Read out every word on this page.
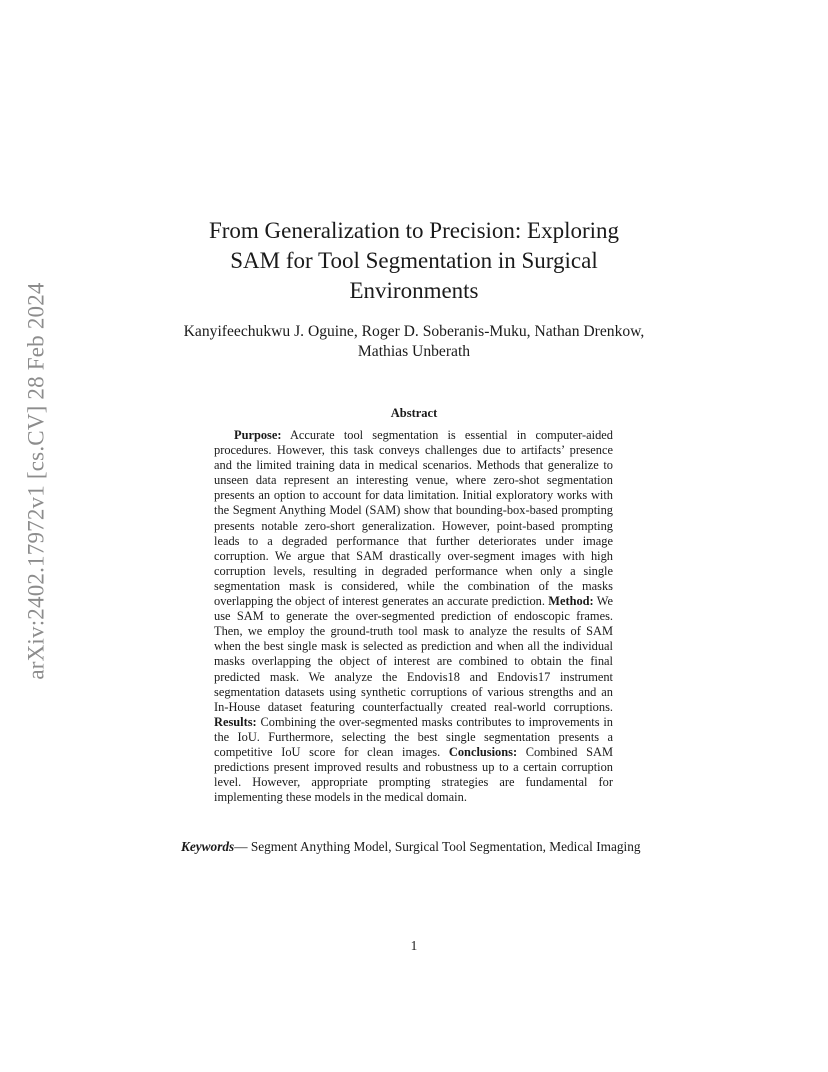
arXiv:2402.17972v1 [cs.CV] 28 Feb 2024
From Generalization to Precision: Exploring SAM for Tool Segmentation in Surgical Environments
Kanyifeechukwu J. Oguine, Roger D. Soberanis-Muku, Nathan Drenkow, Mathias Unberath
Abstract
Purpose: Accurate tool segmentation is essential in computer-aided procedures. However, this task conveys challenges due to artifacts’ presence and the limited training data in medical scenarios. Methods that generalize to unseen data represent an interesting venue, where zero-shot segmentation presents an option to account for data limitation. Initial exploratory works with the Segment Anything Model (SAM) show that bounding-box-based prompting presents notable zero-short generalization. However, point-based prompting leads to a degraded performance that further deteriorates under image corruption. We argue that SAM drastically over-segment images with high corruption levels, resulting in degraded performance when only a single segmentation mask is considered, while the combination of the masks overlapping the object of interest generates an accurate prediction. Method: We use SAM to generate the over-segmented prediction of endoscopic frames. Then, we employ the ground-truth tool mask to analyze the results of SAM when the best single mask is selected as prediction and when all the individual masks overlapping the object of interest are combined to obtain the final predicted mask. We analyze the Endovis18 and Endovis17 instrument segmentation datasets using synthetic corruptions of various strengths and an In-House dataset featuring counterfactually created real-world corruptions. Results: Combining the over-segmented masks contributes to improvements in the IoU. Furthermore, selecting the best single segmentation presents a competitive IoU score for clean images. Conclusions: Combined SAM predictions present improved results and robustness up to a certain corruption level. However, appropriate prompting strategies are fundamental for implementing these models in the medical domain.
Keywords— Segment Anything Model, Surgical Tool Segmentation, Medical Imaging
1
